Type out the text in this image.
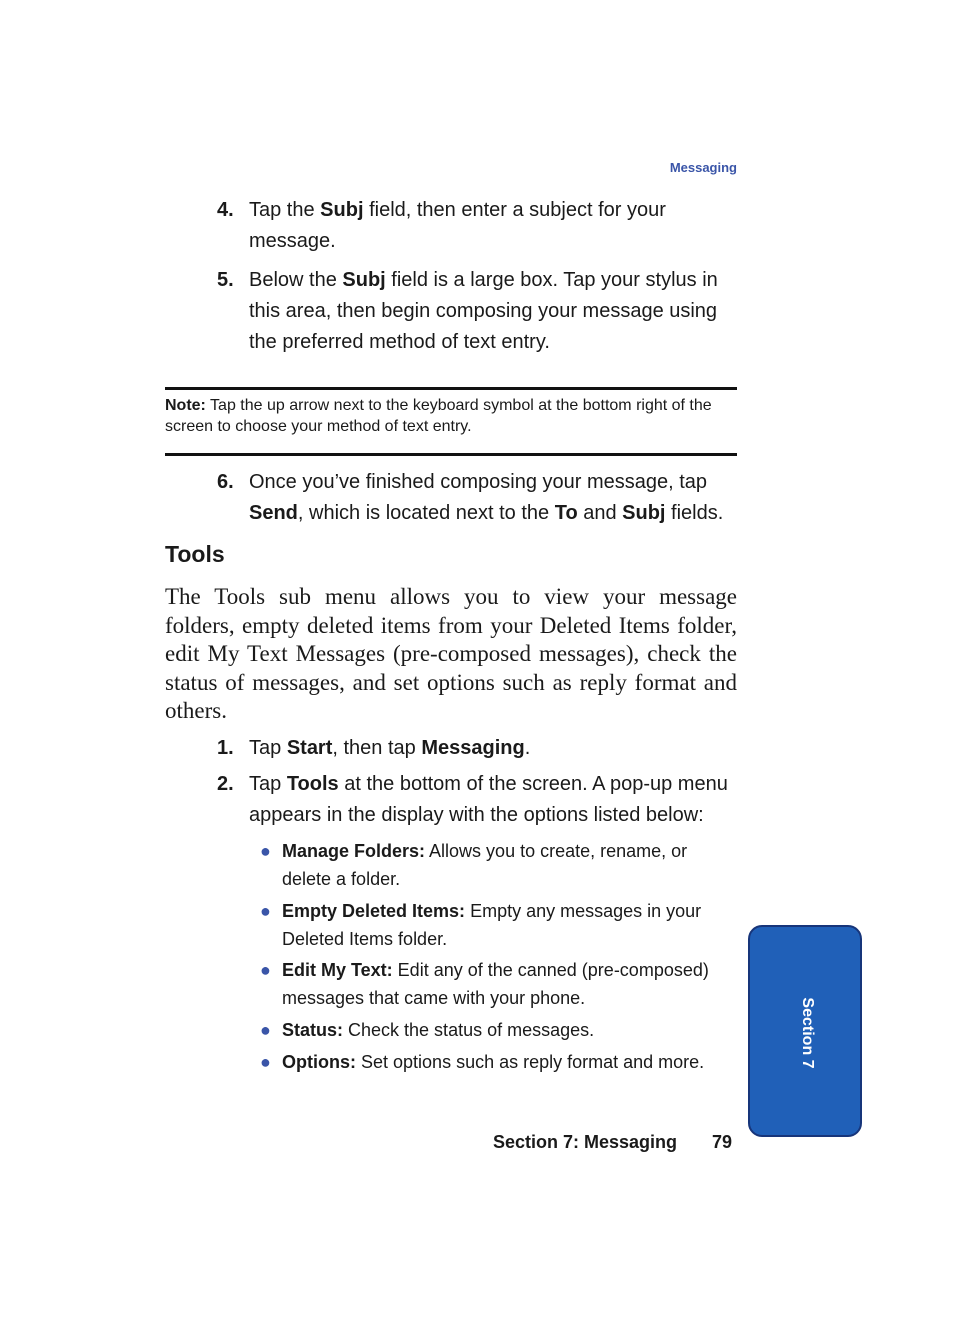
Messaging
4. Tap the Subj field, then enter a subject for your message.
5. Below the Subj field is a large box. Tap your stylus in this area, then begin composing your message using the preferred method of text entry.
Note: Tap the up arrow next to the keyboard symbol at the bottom right of the screen to choose your method of text entry.
6. Once you’ve finished composing your message, tap Send, which is located next to the To and Subj fields.
Tools
The Tools sub menu allows you to view your message folders, empty deleted items from your Deleted Items folder, edit My Text Messages (pre-composed messages), check the status of messages, and set options such as reply format and others.
1. Tap Start, then tap Messaging.
2. Tap Tools at the bottom of the screen. A pop-up menu appears in the display with the options listed below:
● Manage Folders: Allows you to create, rename, or delete a folder.
● Empty Deleted Items: Empty any messages in your Deleted Items folder.
● Edit My Text: Edit any of the canned (pre-composed) messages that came with your phone.
● Status: Check the status of messages.
● Options: Set options such as reply format and more.
Section 7: Messaging 79
Section 7
